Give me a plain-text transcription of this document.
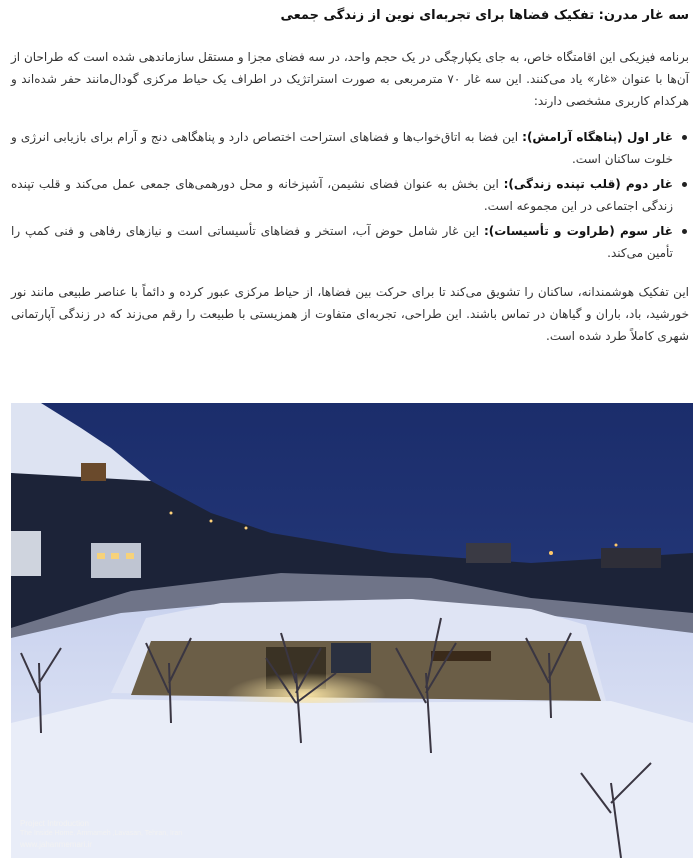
سه غار مدرن: تفکیک فضاها برای تجربه‌ای نوین از زندگی جمعی

برنامه فیزیکی این اقامتگاه خاص، به جای یکپارچگی در یک حجم واحد، در سه فضای مجزا و مستقل سازماندهی شده است که طراحان از آن‌ها با عنوان «غار» یاد می‌کنند. این سه غار ۷۰ مترمربعی به صورت استراتژیک در اطراف یک حیاط مرکزی گودال‌مانند حفر شده‌اند و هرکدام کاربری مشخصی دارند:

غار اول (پناهگاه آرامش): این فضا به اتاق‌خواب‌ها و فضاهای استراحت اختصاص دارد و پناهگاهی دنج و آرام برای بازیابی انرژی و خلوت ساکنان است.
غار دوم (قلب تپنده زندگی): این بخش به عنوان فضای نشیمن، آشپزخانه و محل دورهمی‌های جمعی عمل می‌کند و قلب تپنده زندگی اجتماعی در این مجموعه است.
غار سوم (طراوت و تأسیسات): این غار شامل حوض آب، استخر و فضاهای تأسیساتی است و نیازهای رفاهی و فنی کمپ را تأمین می‌کند.

این تفکیک هوشمندانه، ساکنان را تشویق می‌کند تا برای حرکت بین فضاها، از حیاط مرکزی عبور کرده و دائماً با عناصر طبیعی مانند نور خورشید، باد، باران و گیاهان در تماس باشند. این طراحی، تجربه‌ای متفاوت از همزیستی با طبیعت را رقم می‌زند که در زندگی آپارتمانی شهری کاملاً طرد شده است.

Project Introduction
The Inside Home, Ammameh ,Lavasan, Tehran, Iran
www.jahanmemari.ir
